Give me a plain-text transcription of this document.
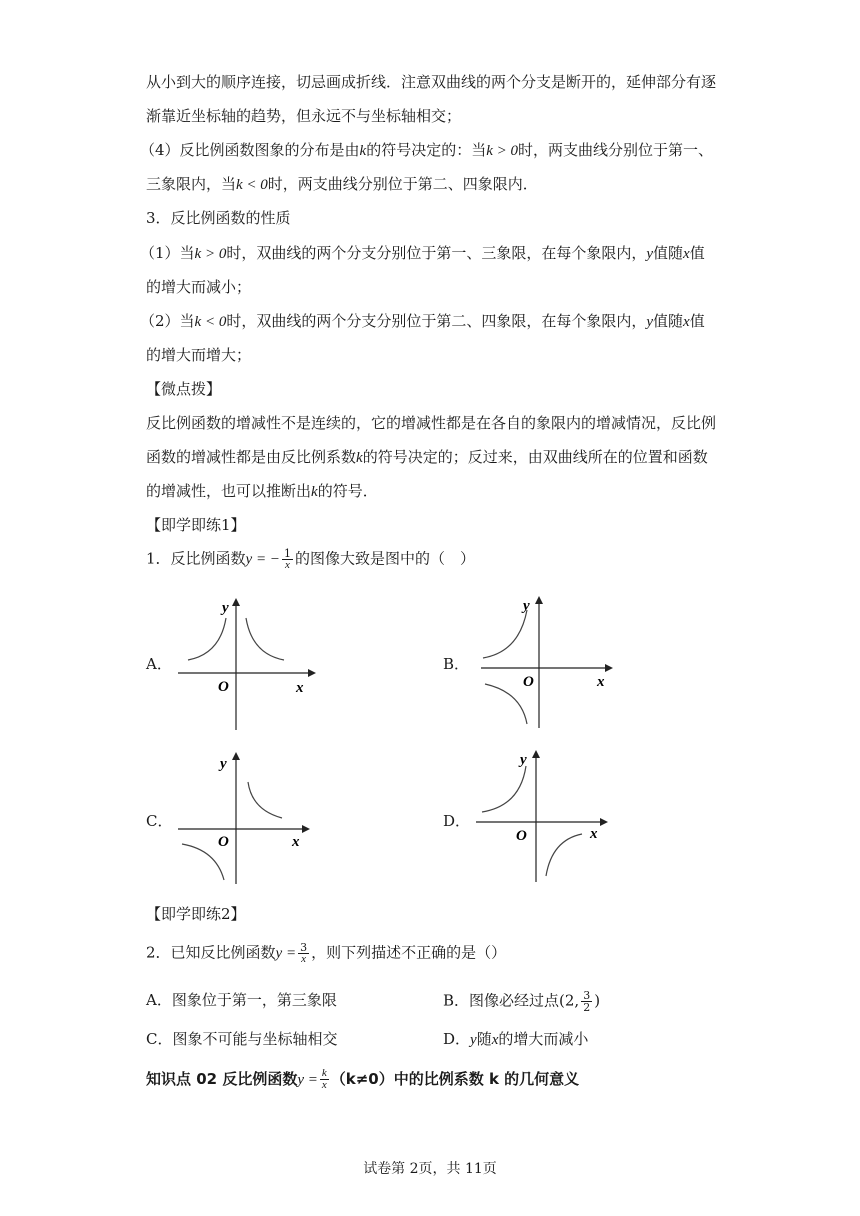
从小到大的顺序连接，切忌画成折线．注意双曲线的两个分支是断开的，延伸部分有逐
渐靠近坐标轴的趋势，但永远不与坐标轴相交；
（4）反比例函数图象的分布是由k的符号决定的：当k > 0时，两支曲线分别位于第一、
三象限内，当k < 0时，两支曲线分别位于第二、四象限内．
3．反比例函数的性质
（1）当k > 0时，双曲线的两个分支分别位于第一、三象限，在每个象限内，y值随x值
的增大而减小；
（2）当k < 0时，双曲线的两个分支分别位于第二、四象限，在每个象限内，y值随x值
的增大而增大；
【微点拨】
反比例函数的增减性不是连续的，它的增减性都是在各自的象限内的增减情况，反比例
函数的增减性都是由反比例系数k的符号决定的；反过来，由双曲线所在的位置和函数
的增减性，也可以推断出k的符号．
【即学即练1】
1．反比例函数y = − $\frac{1}{x}$ 的图像大致是图中的（　）
A．	B．
C．	D．
y
O	x
y
O	x
y
O	x
y
O	x
【即学即练2】
2．已知反比例函数$y = \frac{3}{x}$ ，则下列描述不正确的是（）
A．图象位于第一，第三象限	B．图像必经过点(2, $\frac{3}{2}$ )
C．图象不可能与坐标轴相交	D．y随x的增大而减小
知识点 02 反比例函数$y = \frac{k}{x} (k\ne 0)$中的比例系数 k 的几何意义
试卷第 2页，共 11页
